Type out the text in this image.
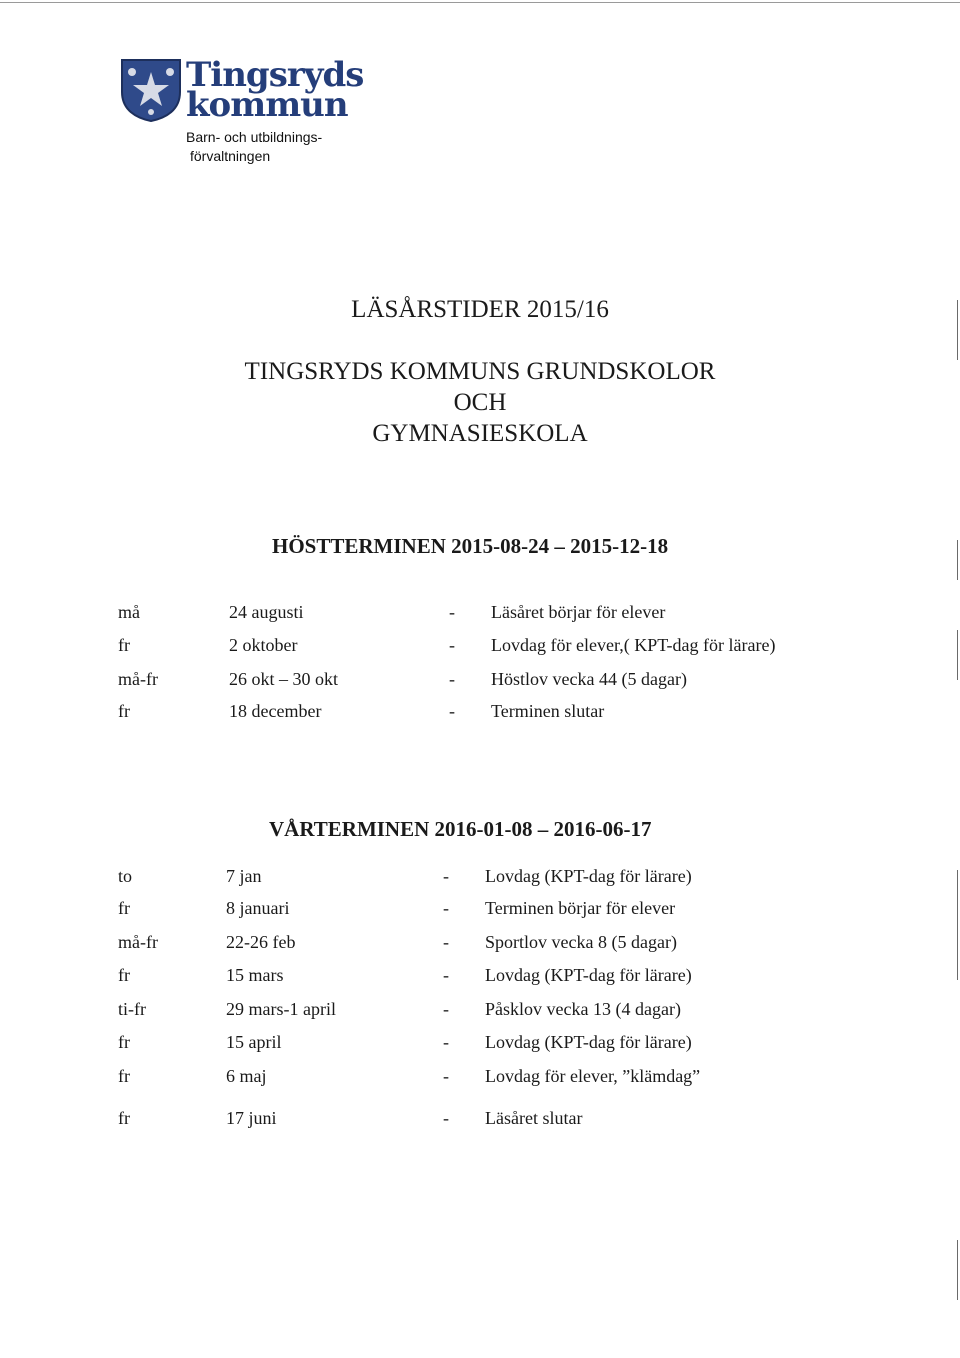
Tingsryds
kommun
Barn- och utbildnings-
förvaltningen
LÄSÅRSTIDER 2015/16
TINGSRYDS KOMMUNS GRUNDSKOLOR
OCH
GYMNASIESKOLA
HÖSTTERMINEN 2015-08-24 – 2015-12-18
må	24 augusti	- Läsåret börjar för elever
fr	2 oktober	- Lovdag för elever,( KPT-dag för lärare)
må-fr	26 okt – 30 okt	- Höstlov vecka 44 (5 dagar)
fr	18 december	- Terminen slutar
VÅRTERMINEN 2016-01-08 – 2016-06-17
to	7 jan	- Lovdag (KPT-dag för lärare)
fr	8 januari	- Terminen börjar för elever
må-fr	22-26 feb	- Sportlov vecka 8 (5 dagar)
fr	15 mars	- Lovdag (KPT-dag för lärare)
ti-fr	29 mars-1 april	- Påsklov vecka 13 (4 dagar)
fr	15 april	- Lovdag (KPT-dag för lärare)
fr	6 maj	- Lovdag för elever, ”klämdag”
fr	17 juni	- Läsåret slutar
